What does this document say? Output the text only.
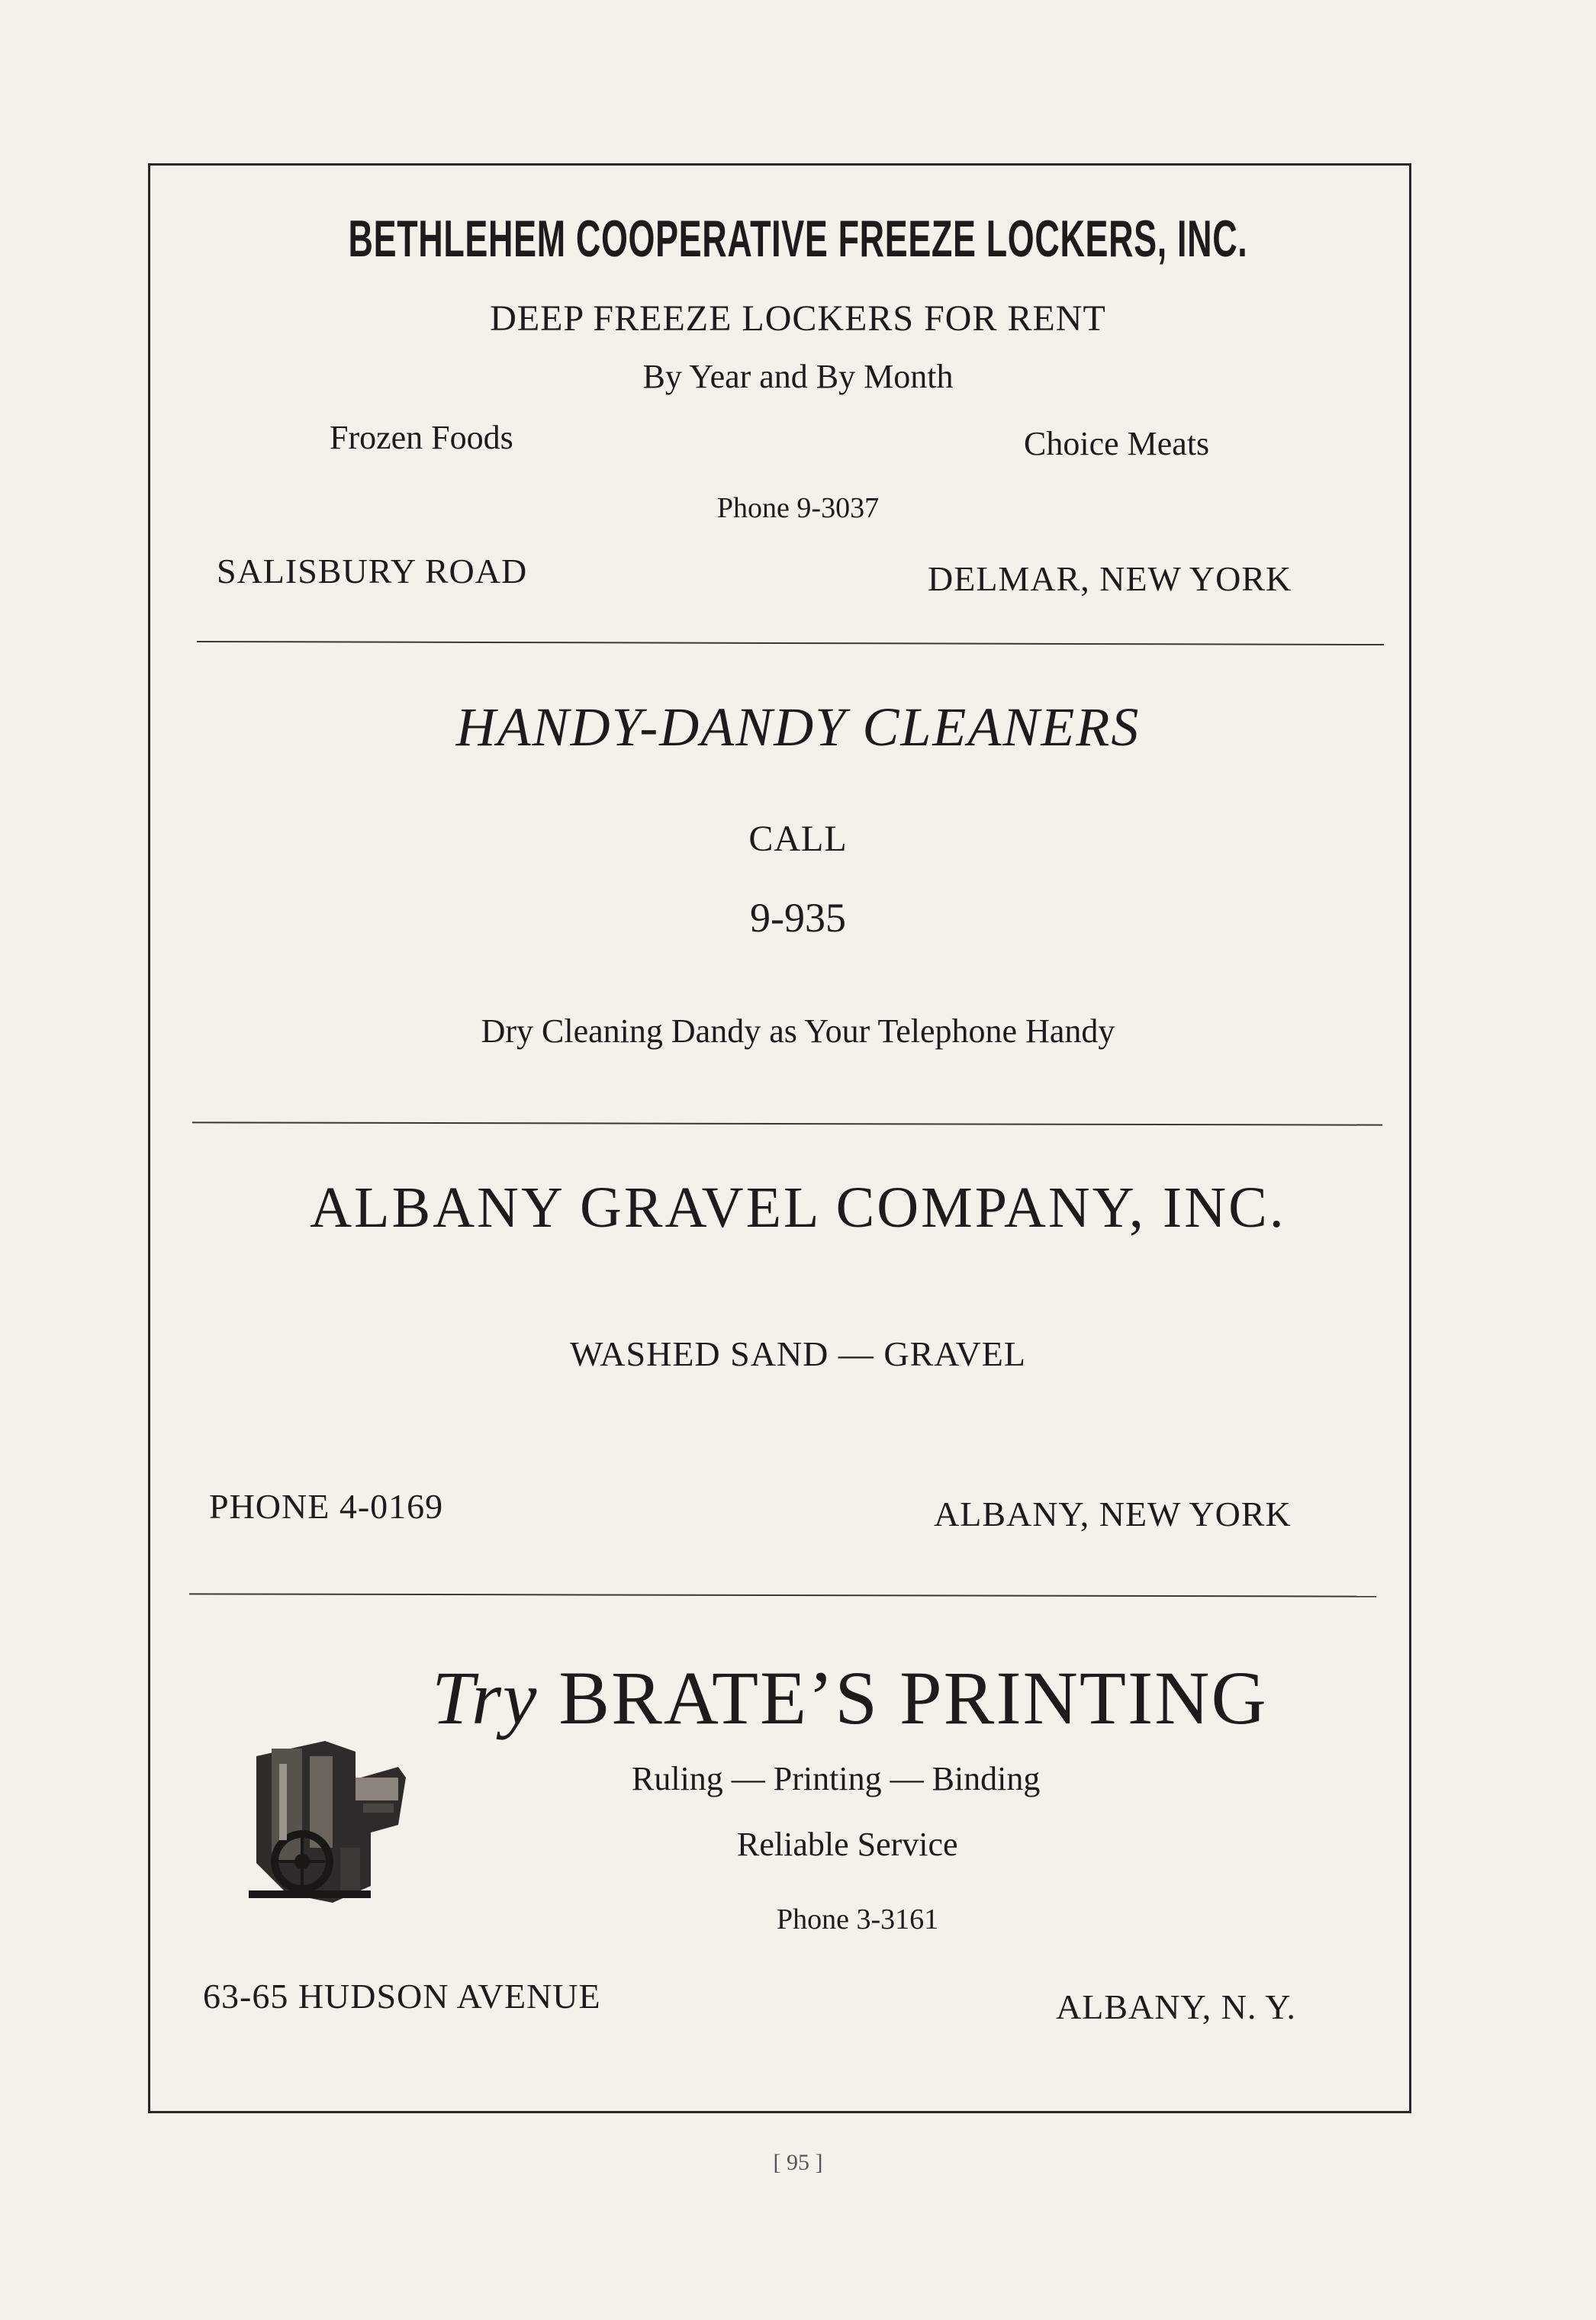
BETHLEHEM COOPERATIVE FREEZE LOCKERS, INC.
DEEP FREEZE LOCKERS FOR RENT
By Year and By Month
Frozen Foods	Choice Meats
Phone 9-3037
SALISBURY ROAD	DELMAR, NEW YORK
HANDY-DANDY CLEANERS
CALL
9-935
Dry Cleaning Dandy as Your Telephone Handy
ALBANY GRAVEL COMPANY, INC.
WASHED SAND — GRAVEL
PHONE 4-0169	ALBANY, NEW YORK
Try BRATE’S PRINTING
Ruling — Printing — Binding
Reliable Service
Phone 3-3161
63-65 HUDSON AVENUE	ALBANY, N. Y.
[ 95 ]
